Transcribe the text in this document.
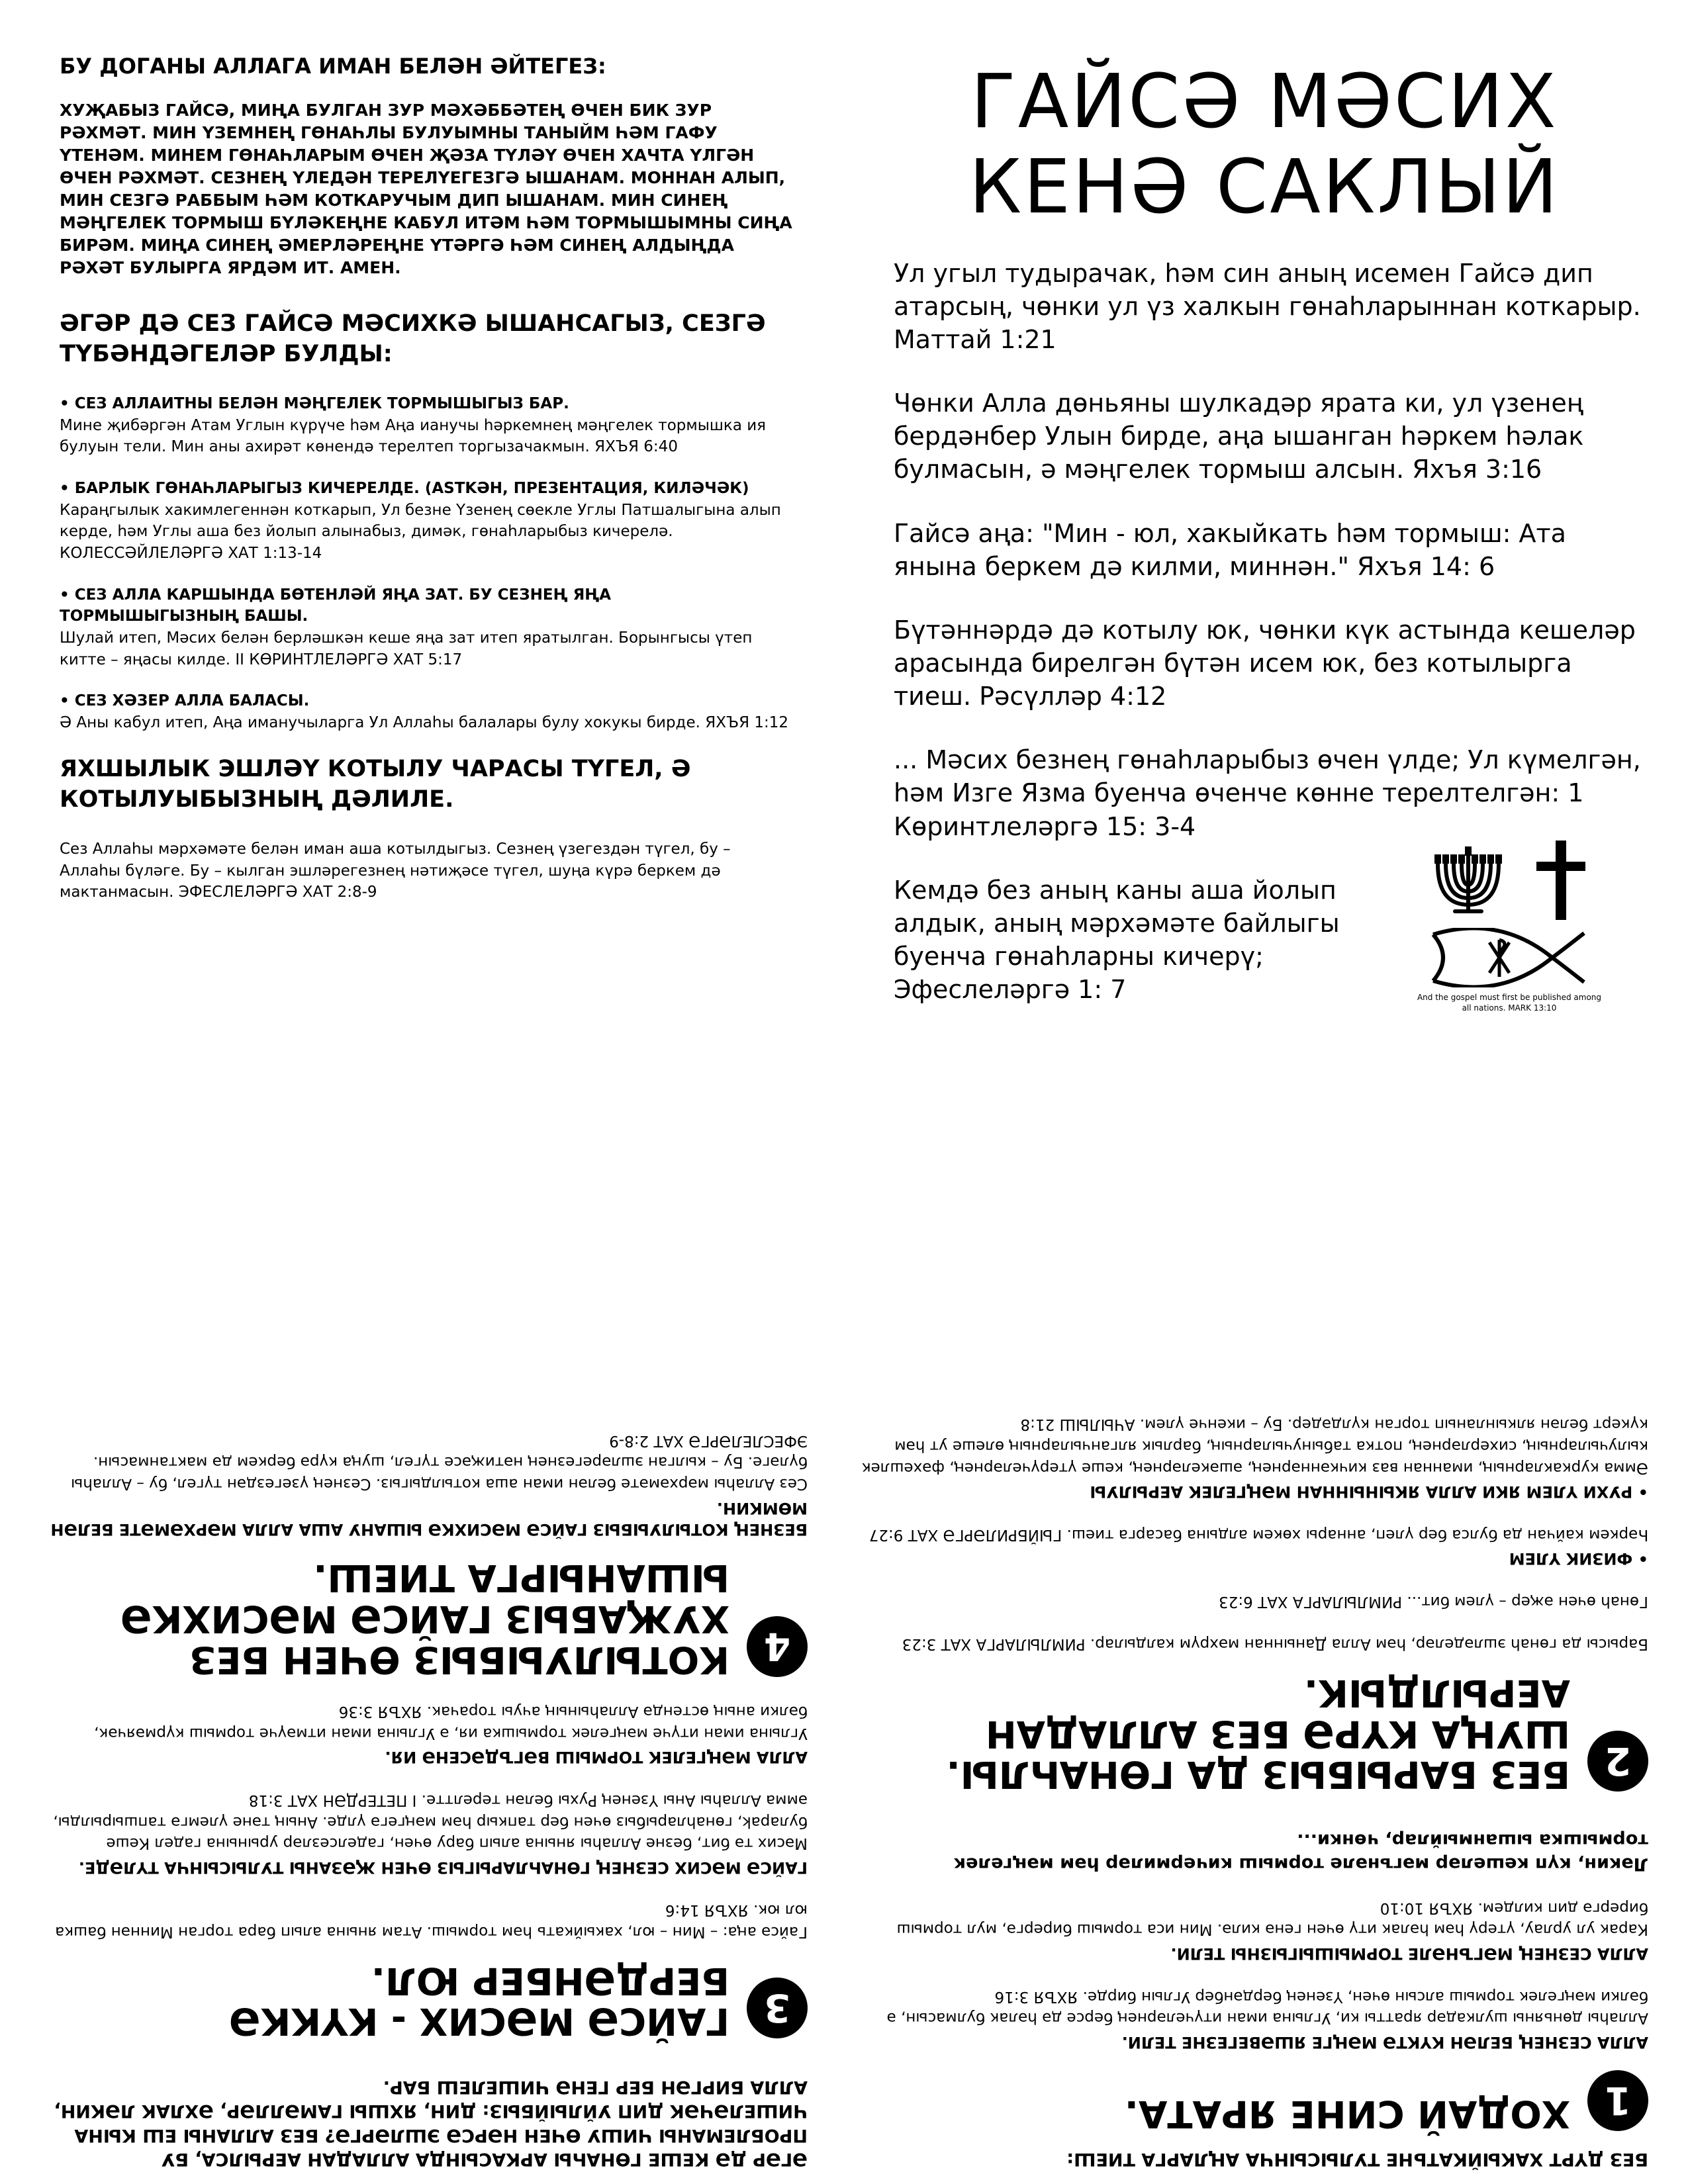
БУ ДОГАНЫ АЛЛАГА ИМАН БЕЛӘН ӘЙТЕГЕЗ:
ХУҖАБЫЗ ГАЙСӘ, МИҢА БУЛГАН ЗУР МӘХӘББӘТЕҢ ӨЧЕН БИК ЗУР РӘХМӘТ. МИН ҮЗЕМНЕҢ ГӨНАҺЛЫ БУЛУЫМНЫ ТАНЫЙМ ҺӘМ ГАФУ ҮТЕНӘМ. МИНЕМ ГӨНАҺЛАРЫМ ӨЧЕН ҖӘЗА ТҮЛӘҮ ӨЧЕН ХАЧТА ҮЛГӘН ӨЧЕН РӘХМӘТ. СЕЗНЕҢ ҮЛЕДӘН ТЕРЕЛҮЕГЕЗГӘ ЫШАНАМ. МОННАН АЛЫП, МИН СЕЗГӘ РАББЫМ ҺӘМ КОТКАРУЧЫМ ДИП ЫШАНАМ. МИН СИНЕҢ МӘҢГЕЛЕК ТОРМЫШ БҮЛӘКЕҢНЕ КАБУЛ ИТӘМ ҺӘМ ТОРМЫШЫМНЫ СИҢА БИРӘМ. МИҢА СИНЕҢ ӘМЕРЛӘРЕҢНЕ ҮТӘРГӘ ҺӘМ СИНЕҢ АЛДЫҢДА РӘХӘТ БУЛЫРГА ЯРДӘМ ИТ. АМЕН.
ӘГӘР ДӘ СЕЗ ГАЙСӘ МӘСИХКӘ ЫШАНСАГЫЗ, СЕЗГӘ ТҮБӘНДӘГЕЛӘР БУЛДЫ:
• СЕЗ АЛЛАИТНЫ БЕЛӘН МӘҢГЕЛЕК ТОРМЫШЫГЫЗ БАР.
Мине җибәргән Атам Углын күрүче һәм Аңа ианучы һәркемнең мәңгелек тормышка ия булуын тели. Мин аны ахирәт көнендә терелтеп торгызачакмын. ЯХЪЯ 6:40
• БАРЛЫК ГӨНАҺЛАРЫГЫЗ КИЧЕРЕЛДЕ. (ASTKӘН, ПРЕЗЕНТАЦИЯ, КИЛӘЧӘК)
Караңгылык хакимлегеннән коткарып, Ул безне Үзенең сөекле Углы Патшалыгына алып керде, һәм Углы аша без йолып алынабыз, димәк, гөнаһларыбыз кичерелә. КОЛЕССӘЙЛЕЛӘРГӘ ХАТ 1:13-14
• СЕЗ АЛЛА КАРШЫНДА БӨТЕНЛӘЙ ЯҢА ЗАТ. БУ СЕЗНЕҢ ЯҢА ТОРМЫШЫГЫЗНЫҢ БАШЫ.
Шулай итеп, Мәсих белән берләшкән кеше яңа зат итеп яратылган. Борынгысы үтеп китте – яңасы килде. II КӨРИНТЛЕЛӘРГӘ ХАТ 5:17
• СЕЗ ХӘЗЕР АЛЛА БАЛАСЫ.
Ә Аны кабул итеп, Аңа иманучыларга Ул Аллаһы балалары булу хокукы бирде. ЯХЪЯ 1:12
ЯХШЫЛЫК ЭШЛӘҮ КОТЫЛУ ЧАРАСЫ ТҮГЕЛ, Ә КОТЫЛУЫБЫЗНЫҢ ДӘЛИЛЕ.
Сез Аллаһы мәрхәмәте белән иман аша котылдыгыз. Сезнең үзегездән түгел, бу – Аллаһы бүләге. Бу – кылган эшләрегезнең нәтиҗәсе түгел, шуңа күрә беркем дә мактанмасын. ЭФЕСЛЕЛӘРГӘ ХАТ 2:8-9
ГАЙСӘ МӘСИХ
КЕНӘ САКЛЫЙ
Ул угыл тудырачак, һәм син аның исемен Гайсә дип атарсың, чөнки ул үз халкын гөнаһларыннан коткарыр. Маттай 1:21
Чөнки Алла дөньяны шулкадәр ярата ки, ул үзенең бердәнбер Улын бирде, аңа ышанган һәркем һәлак булмасын, ә мәңгелек тормыш алсын. Яхъя 3:16
Гайсә аңа: "Мин - юл, хакыйкать һәм тормыш: Ата янына беркем дә килми, миннән." Яхъя 14: 6
Бүтәннәрдә дә котылу юк, чөнки күк астында кешеләр арасында бирелгән бүтән исем юк, без котылырга тиеш. Рәсүлләр 4:12
... Мәсих безнең гөнаһларыбыз өчен үлде; Ул күмелгән, һәм Изге Язма буенча өченче көнне терелтелгән: 1 Көринтлеләргә 15: 3-4
Кемдә без аның каны аша йолып алдык, аның мәрхәмәте байлыгы буенча гөнаһларны кичерү; Эфеслеләргә 1: 7	And the gospel must first be published among all nations. MARK 13:10
ӘГӘР ДӘ КЕШЕ ГӨНАҺЫ АРКАСЫНДА АЛЛАДАН АЕРЫЛСА, БУ ПРОБЛЕМАНЫ ЧИШУ ӨЧЕН НӘРСӘ ЭШЛӘРГӘ? БЕЗ АЛЛАНЫ ЕШ КЫНА ЧИШЕЛӘЧӘК ДИП УЙЛЫЙБЫЗ: ДИН, ЯХШЫ ГАМӘЛЛӘР, ӘХЛАК ЛӘКИН, АЛЛА БИРГӘН БЕР ГЕНӘ ЧИШЕЛЕШ БАР.
3
ГАЙСӘ МӘСИХ - КҮККӘ БЕРДӘНБЕР ЮЛ.
Гайсә аңа: – Мин – юл, хакыйкать һәм тормыш. Атам янына алып бара торган Миннән башка юл юк. ЯХЪЯ 14:6
ГАЙСӘ МӘСИХ СЕЗНЕҢ ГӨНАҺЛАРЫГЫЗ ӨЧЕН ҖӘЗАНЫ ТУЛЫСЫНЧА ТҮЛӘДЕ.
Мәсих тә бит, безне Аллаһы янына алып бару өчен, гаделсезләр урынына гадел Кеше булараk, гөнаһларыбыз өчен бер тапкыр һәм мәңгегә үлде. Аның тәне үлемгә тапшырылды, әмма Аллаһы Аны Үзенең Рухы белән терелтте. I ПЕТЕРДӘН ХАТ 3:18
АЛЛА МӘҢГЕЛЕК ТОРМЫШ ВӘГЪДӘСЕНӘ ИЯ.
Углына иман итүче мәңгелек тормышка ия, ә Углына иман итмәүче тормыш күрмәячәк, бәлки аның өстендә Аллаһының ачуы торачак. ЯХЪЯ 3:36
4
КОТЫЛУЫБЫЗ ӨЧЕН БЕЗ ХУҖАБЫЗ ГАЙСӘ МӘСИХКӘ ЫШАНЫРГА ТИЕШ.
БЕЗНЕҢ КОТЫЛУЫБЫЗ ГАЙСӘ МӘСИХКӘ ЫШАНУ АША АЛЛА МӘРХӘМӘТЕ БЕЛӘН МӨМКИН.
Сез Аллаһы мәрхәмәте белән иман аша котылдыгыз. Сезнең үзегездән түгел, бу – Аллаһы бүләге. Бу – кылган эшләрегезнең нәтиҗәсе түгел, шуңа күрә беркем дә мактанмасын. ЭФЕСЛЕЛӘРГӘ ХАТ 2:8-9
БЕЗ ДҮРТ ХАКЫЙКАТЬНЕ ТУЛЫСЫНЧА АҢЛАРГА ТИЕШ:
1
ХОДАЙ СИНЕ ЯРАТА.
АЛЛА СЕЗНЕҢ БЕЛӘН КҮКТӘ МӘҢГЕ ЯШӘВЕГЕЗНЕ ТЕЛИ.
Аллаһы дөньяны шулкадәр яратты ки, Углына иман итүчеләрнең берсе дә һәлак булмасын, ә бәлки мәңгелек тормыш алсын өчен, Үзенең бердәнбер Углын бирде. ЯХЪЯ 3:16
АЛЛА СЕЗНЕҢ МӘГЪНӘЛЕ ТОРМЫШЫГЫЗНЫ ТЕЛИ.
Карак ул урлау, үтерү һәм һәлак итү өчен генә килә. Мин иса тормыш бирергә, мул тормыш бирергә дип килдем. ЯХЪЯ 10:10
Ләкин, күп кешеләр мәгънәле тормыш кичермиләр һәм мәңгелек тормышка ышанмыйлар, чөнки...
2
БЕЗ БАРЫБЫЗ ДА ГӨНАҺЛЫ. ШУҢА КҮРӘ БЕЗ АЛЛАДАН АЕРЫЛДЫК.
Барысы да гөнаһ эшләделәр, һәм Алла Даныннан мәхрүм калдылар. РИМЛЫЛАРГА ХАТ 3:23
Гөнаһ өчен әҗер – үлем бит... РИМЛЫЛАРГА ХАТ 6:23
• ФИЗИК ҮЛЕМ
Һәркем кайчан да булса бер үлеп, аннары хөкем алдына басарга тиеш. ГЫЙБРИЛӘРГӘ ХАТ 9:27
• РУХИ ҮЛЕМ ЯКИ АЛЛА ЯКЫНЫННАН МӘҢГЕЛЕК АЕРЫЛУЫ
Әмма куркакларның, иманнан ваз кичкәннәрнең, әшәкеләрнең, кеше үтерүчеләрнең, фәхешлек кылучыларның, сихерләрнең, потка табынучыларның, барлык ялганчыларның өлеше ут һәм күкерт белән ялкынланып торган күлдәдер. Бу – икенче үлем. АЧЫЛЫШ 21:8
